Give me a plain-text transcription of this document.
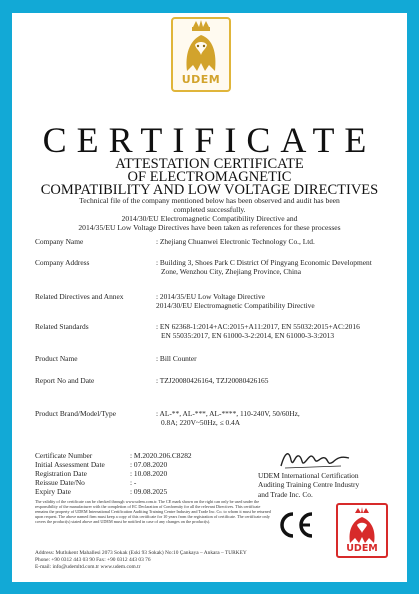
UDEM
CERTIFICATE
ATTESTATION CERTIFICATE
OF ELECTROMAGNETIC
COMPATIBILITY AND LOW VOLTAGE DIRECTIVES
Technical file of the company mentioned below has been observed and audit has been
completed successfully.
2014/30/EU Electromagnetic Compatibility Directive and
2014/35/EU Low Voltage Directives have been taken as references for these processes
Company Name	: Zhejiang Chuanwei Electronic Technology Co., Ltd.
Company Address	: Building 3, Shoes Park C District Of Pingyang Economic Development
Zone, Wenzhou City, Zhejiang Province, China
Related Directives and Annex	: 2014/35/EU Low Voltage Directive
2014/30/EU Electromagnetic Compatibility Directive
Related Standards	: EN 62368-1:2014+AC:2015+A11:2017, EN 55032:2015+AC:2016
EN 55035:2017, EN 61000-3-2:2014, EN 61000-3-3:2013
Product Name	: Bill Counter
Report No and Date	: TZJ20080426164, TZJ20080426165
Product Brand/Model/Type	: AL-**, AL-***, AL-****, 110-240V, 50/60Hz,
0.8A; 220V~50Hz, ≤ 0.4A
Certificate Number	: M.2020.206.C8282
Initial Assessment Date	: 07.08.2020
Registration Date	: 10.08.2020
Reissue Date/No	: -
Expiry Date	: 09.08.2025
UDEM International Certification
Auditing Training Centre Industry
and Trade Inc. Co.
UDEM
The validity of the certificate can be checked through www.udem.com.tr. The CE mark shown on the right can only be used under the responsibility of the manufacturer with the completion of EC Declaration of Conformity for all the relevant Directives. This certificate remains the property of UDEM International Certification Auditing Training Centre Industry and Trade Inc. Co. to whom it must be returned upon request. The above named firm must keep a copy of this certificate for 10 years from the registration of certificate. The certificate only covers the product(s) stated above and UDEM must be notified in case of any changes on the product(s).
Address: Mutlukent Mahallesi 2073 Sokak (Eski 93 Sokak) No:10 Çankaya – Ankara – TURKEY
Phone: +90 0312 443 03 90 Fax: +90 0312 443 03 76
E-mail: info@udemltd.com.tr www.udem.com.tr
